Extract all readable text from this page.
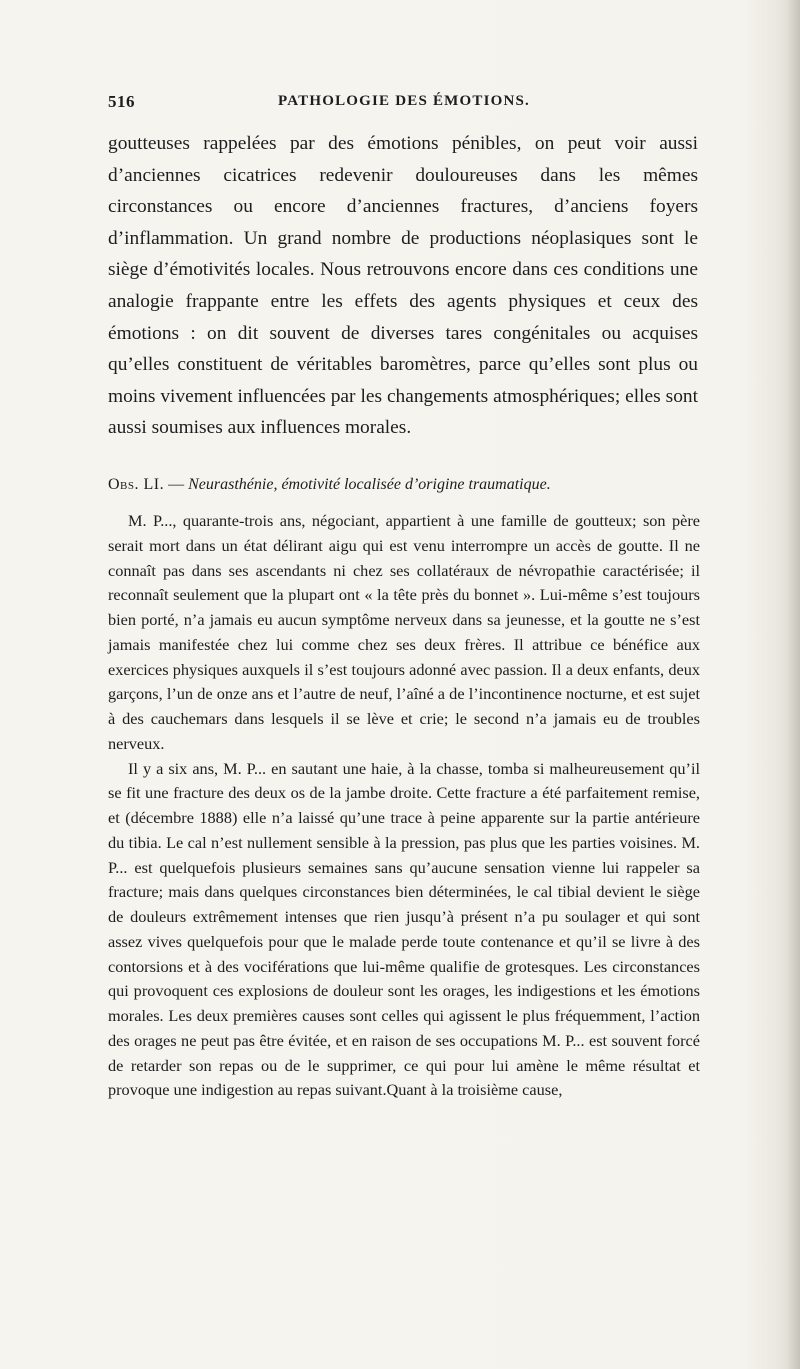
516	PATHOLOGIE DES ÉMOTIONS.

goutteuses rappelées par des émotions pénibles, on peut voir aussi d’anciennes cicatrices redevenir douloureuses dans les mêmes circonstances ou encore d’anciennes fractures, d’anciens foyers d’inflammation. Un grand nombre de productions néoplasiques sont le siège d’émotivités locales. Nous retrouvons encore dans ces conditions une analogie frappante entre les effets des agents physiques et ceux des émotions : on dit souvent de diverses tares congénitales ou acquises qu’elles constituent de véritables baromètres, parce qu’elles sont plus ou moins vivement influencées par les changements atmosphériques; elles sont aussi soumises aux influences morales.

Obs. LI. — Neurasthénie, émotivité localisée d’origine traumatique.

M. P..., quarante-trois ans, négociant, appartient à une famille de goutteux; son père serait mort dans un état délirant aigu qui est venu interrompre un accès de goutte. Il ne connaît pas dans ses ascendants ni chez ses collatéraux de névropathie caractérisée; il reconnaît seulement que la plupart ont « la tête près du bonnet ». Lui-même s’est toujours bien porté, n’a jamais eu aucun symptôme nerveux dans sa jeunesse, et la goutte ne s’est jamais manifestée chez lui comme chez ses deux frères. Il attribue ce bénéfice aux exercices physiques auxquels il s’est toujours adonné avec passion. Il a deux enfants, deux garçons, l’un de onze ans et l’autre de neuf, l’aîné a de l’incontinence nocturne, et est sujet à des cauchemars dans lesquels il se lève et crie; le second n’a jamais eu de troubles nerveux.

Il y a six ans, M. P... en sautant une haie, à la chasse, tomba si malheureusement qu’il se fit une fracture des deux os de la jambe droite. Cette fracture a été parfaitement remise, et (décembre 1888) elle n’a laissé qu’une trace à peine apparente sur la partie antérieure du tibia. Le cal n’est nullement sensible à la pression, pas plus que les parties voisines. M. P... est quelquefois plusieurs semaines sans qu’aucune sensation vienne lui rappeler sa fracture; mais dans quelques circonstances bien déterminées, le cal tibial devient le siège de douleurs extrêmement intenses que rien jusqu’à présent n’a pu soulager et qui sont assez vives quelquefois pour que le malade perde toute contenance et qu’il se livre à des contorsions et à des vociférations que lui-même qualifie de grotesques. Les circonstances qui provoquent ces explosions de douleur sont les orages, les indigestions et les émotions morales. Les deux premières causes sont celles qui agissent le plus fréquemment, l’action des orages ne peut pas être évitée, et en raison de ses occupations M. P... est souvent forcé de retarder son repas ou de le supprimer, ce qui pour lui amène le même résultat et provoque une indigestion au repas suivant.Quant à la troisième cause,
